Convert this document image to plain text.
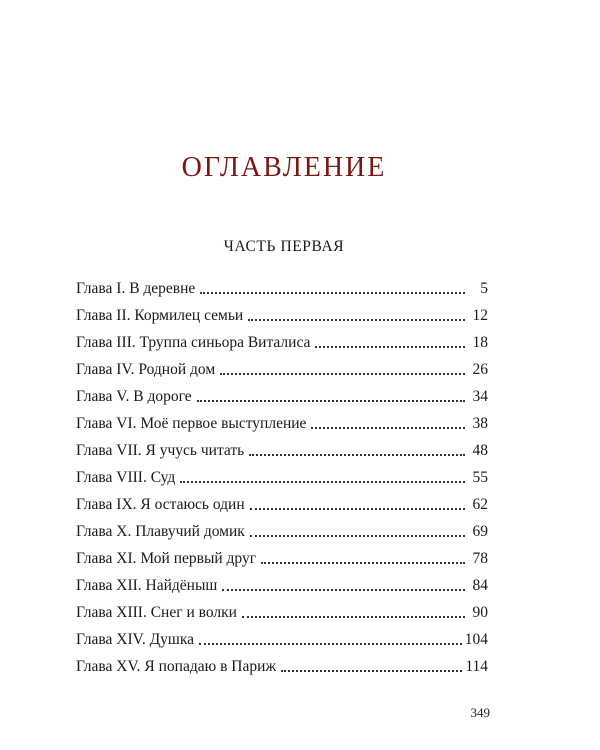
ОГЛАВЛЕНИЕ
ЧАСТЬ ПЕРВАЯ
Глава I. В деревне	5
Глава II. Кормилец семьи	12
Глава III. Труппа синьора Виталиса	18
Глава IV. Родной дом	26
Глава V. В дороге	34
Глава VI. Моё первое выступление	38
Глава VII. Я учусь читать	48
Глава VIII. Суд	55
Глава IX. Я остаюсь один	62
Глава X. Плавучий домик	69
Глава XI. Мой первый друг	78
Глава XII. Найдёныш	84
Глава XIII. Снег и волки	90
Глава XIV. Душка	104
Глава XV. Я попадаю в Париж	114
349
